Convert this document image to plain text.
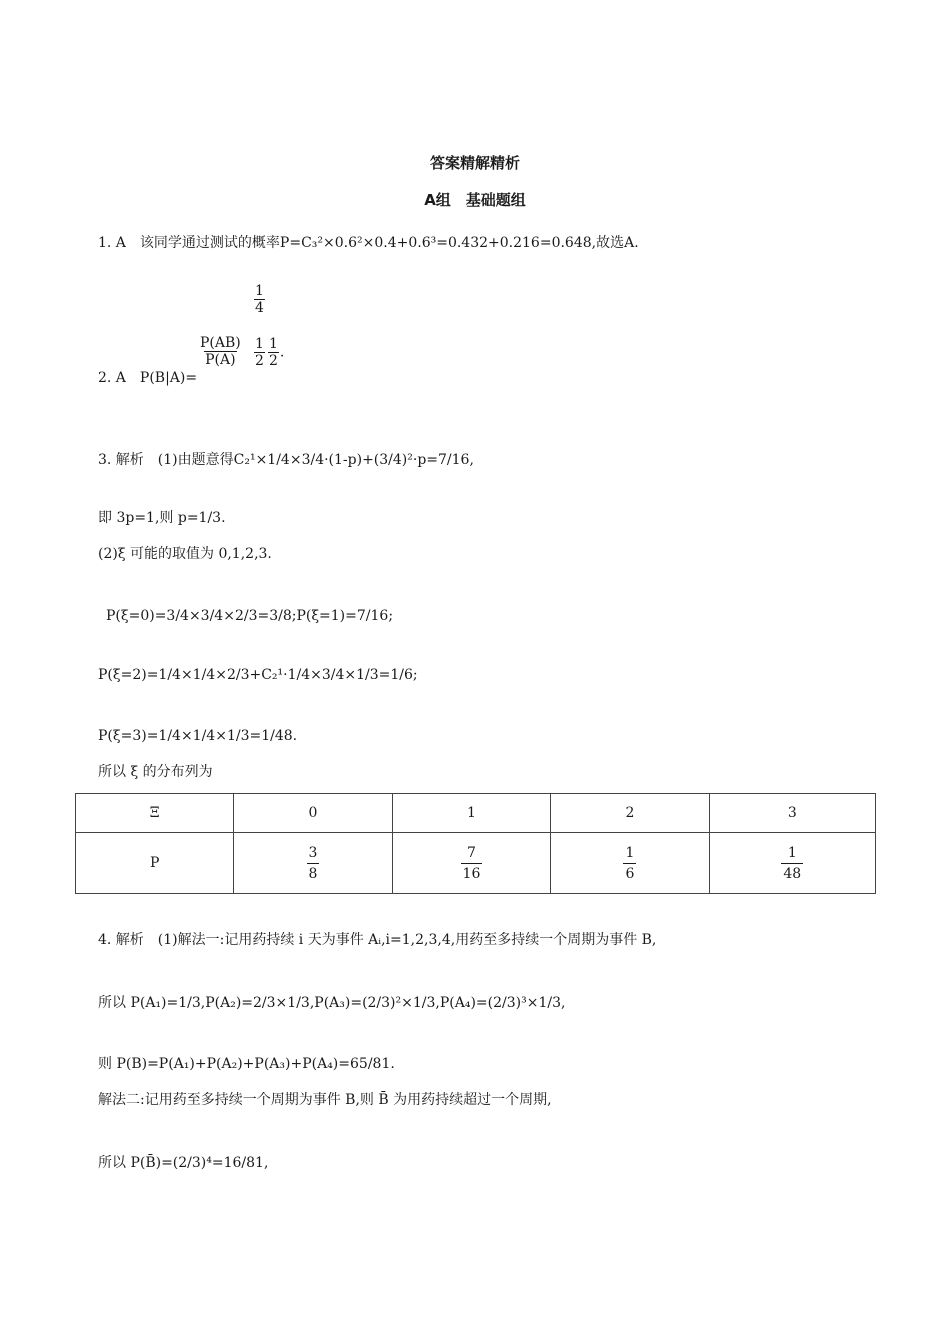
答案精解精析
A组　基础题组
1. A　该同学通过测试的概率P=C₃²×0.6²×0.4+0.6³=0.432+0.216=0.648,故选A.
2. A　P(B|A)=
$\frac{P(AB)}{P(A)}$
$\frac{1}{4}$
$\frac{1}{2} \frac{1}{2}$ .
3. 解析　(1)由题意得C₂¹×1/4×3/4·(1-p)+(3/4)²·p=7/16,
即 3p=1,则 p=1/3.
(2)ξ 可能的取值为 0,1,2,3.
P(ξ=0)=3/4×3/4×2/3=3/8;P(ξ=1)=7/16;
P(ξ=2)=1/4×1/4×2/3+C₂¹·1/4×3/4×1/3=1/6;
P(ξ=3)=1/4×1/4×1/3=1/48.
所以 ξ 的分布列为
Ξ	0	1	2	3
P	$\frac{3}{8}$	$\frac{7}{16}$	$\frac{1}{6}$	$\frac{1}{48}$
4. 解析　(1)解法一:记用药持续 i 天为事件 Aᵢ,i=1,2,3,4,用药至多持续一个周期为事件 B,
所以 P(A₁)=1/3,P(A₂)=2/3×1/3,P(A₃)=(2/3)²×1/3,P(A₄)=(2/3)³×1/3,
则 P(B)=P(A₁)+P(A₂)+P(A₃)+P(A₄)=65/81.
解法二:记用药至多持续一个周期为事件 B,则 B̄ 为用药持续超过一个周期,
所以 P(B̄)=(2/3)⁴=16/81,
